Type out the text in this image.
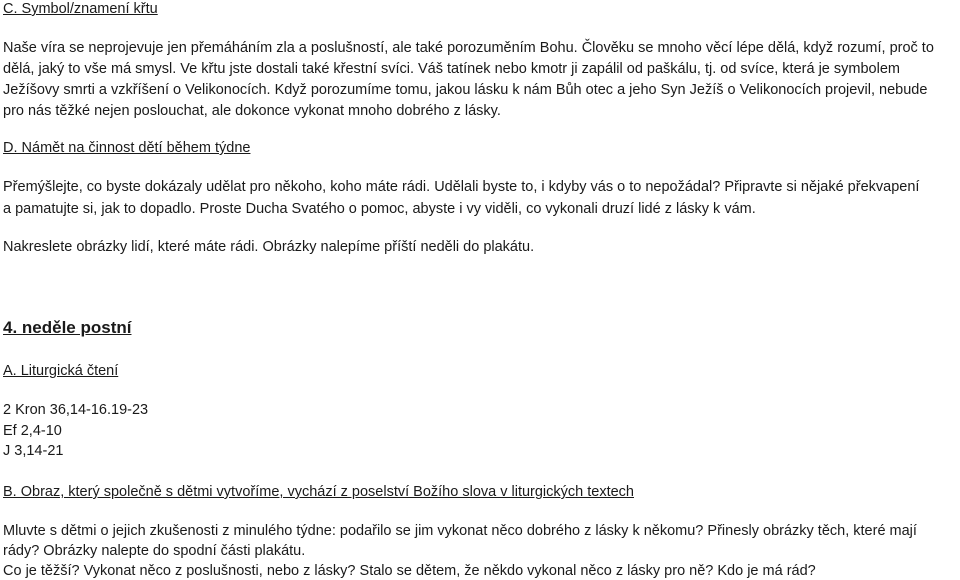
C. Symbol/znamení křtu
Naše víra se neprojevuje jen přemáháním zla a poslušností, ale také porozuměním Bohu. Člověku se mnoho věcí lépe dělá, když rozumí, proč to
dělá, jaký to vše má smysl. Ve křtu jste dostali také křestní svíci. Váš tatínek nebo kmotr ji zapálil od paškálu, tj. od svíce, která je symbolem
Ježíšovy smrti a vzkříšení o Velikonocích. Když porozumíme tomu, jakou lásku k nám Bůh otec a jeho Syn Ježíš o Velikonocích projevil, nebude
pro nás těžké nejen poslouchat, ale dokonce vykonat mnoho dobrého z lásky.
D. Námět na činnost dětí během týdne
Přemýšlejte, co byste dokázaly udělat pro někoho, koho máte rádi. Udělali byste to, i kdyby vás o to nepožádal? Připravte si nějaké překvapení
a pamatujte si, jak to dopadlo. Proste Ducha Svatého o pomoc, abyste i vy viděli, co vykonali druzí lidé z lásky k vám.
Nakreslete obrázky lidí, které máte rádi. Obrázky nalepíme příští neděli do plakátu.
4. neděle postní
A. Liturgická čtení
2 Kron 36,14-16.19-23
Ef 2,4-10
J 3,14-21
B. Obraz, který společně s dětmi vytvoříme, vychází z poselství Božího slova v liturgických textech
Mluvte s dětmi o jejich zkušenosti z minulého týdne: podařilo se jim vykonat něco dobrého z lásky k někomu? Přinesly obrázky těch, které mají
rády? Obrázky nalepte do spodní části plakátu.
Co je těžší? Vykonat něco z poslušnosti, nebo z lásky? Stalo se dětem, že někdo vykonal něco z lásky pro ně? Kdo je má rád?
